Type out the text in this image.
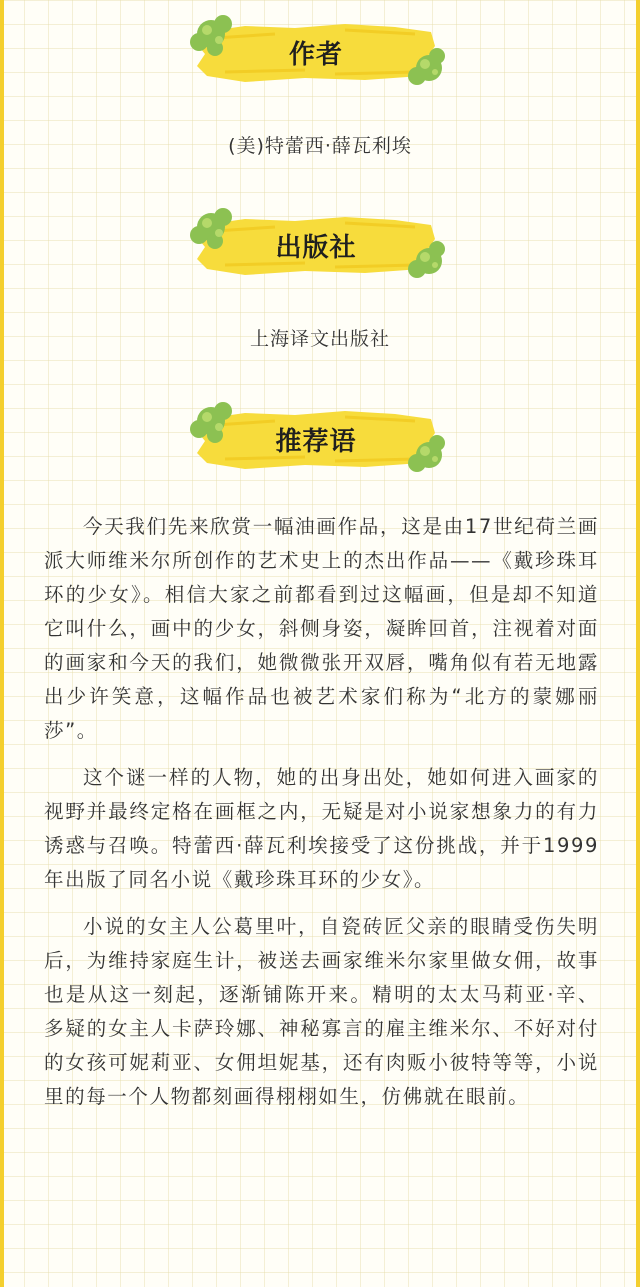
作者
(美)特蕾西·薛瓦利埃
出版社
上海译文出版社
推荐语

今天我们先来欣赏一幅油画作品，这是由17世纪荷兰画派大师维米尔所创作的艺术史上的杰出作品——《戴珍珠耳环的少女》。相信大家之前都看到过这幅画，但是却不知道它叫什么，画中的少女，斜侧身姿，凝眸回首，注视着对面的画家和今天的我们，她微微张开双唇，嘴角似有若无地露出少许笑意，这幅作品也被艺术家们称为“北方的蒙娜丽莎”。

这个谜一样的人物，她的出身出处，她如何进入画家的视野并最终定格在画框之内，无疑是对小说家想象力的有力诱惑与召唤。特蕾西·薛瓦利埃接受了这份挑战，并于1999年出版了同名小说《戴珍珠耳环的少女》。

小说的女主人公葛里叶，自瓷砖匠父亲的眼睛受伤失明后，为维持家庭生计，被送去画家维米尔家里做女佣，故事也是从这一刻起，逐渐铺陈开来。精明的太太马莉亚·辛、多疑的女主人卡萨玲娜、神秘寡言的雇主维米尔、不好对付的女孩可妮莉亚、女佣坦妮基，还有肉贩小彼特等等，小说里的每一个人物都刻画得栩栩如生，仿佛就在眼前。
